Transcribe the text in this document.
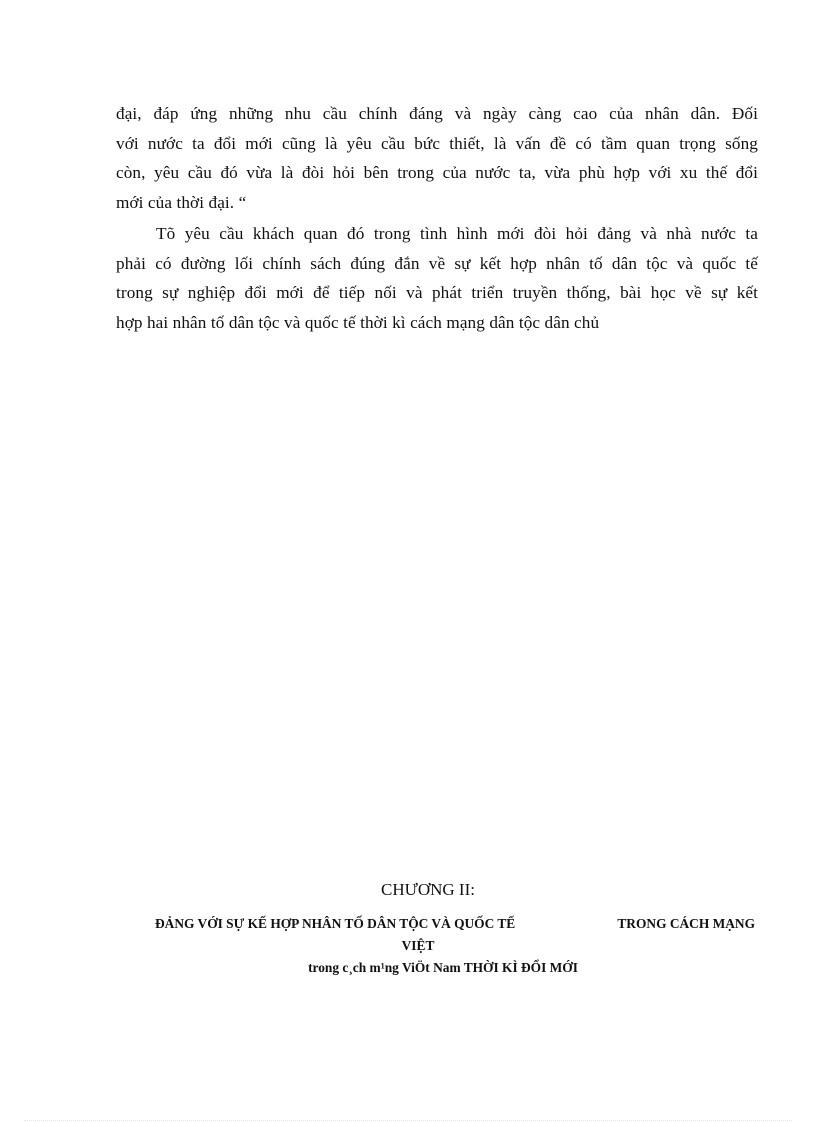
đại, đáp ứng những nhu cầu chính đáng và ngày càng cao của nhân dân. Đối
với nước ta đổi mới cũng là yêu cầu bức thiết, là vấn đề có tầm quan trọng sống
còn, yêu cầu đó vừa là đòi hỏi bên trong của nước ta, vừa phù hợp với xu thế đổi
mới của thời đại. “
Tõ yêu cầu khách quan đó trong tình hình mới đòi hỏi đảng và nhà nước ta
phải có đường lối chính sách đúng đắn về sự kết hợp nhân tố dân tộc và quốc tế
trong sự nghiệp đổi mới để tiếp nối và phát triển truyền thống, bài học về sự kết
hợp hai nhân tố dân tộc và quốc tế thời kì cách mạng dân tộc dân chủ
CHƯƠNG II:
ĐẢNG VỚI SỰ KẾ HỢP NHÂN TỐ DÂN TỘC VÀ QUỐC TẾ	TRONG CÁCH MẠNG
VIỆT
trong c¸ch m¹ng ViÖt Nam THỜI KÌ ĐỔI MỚI
